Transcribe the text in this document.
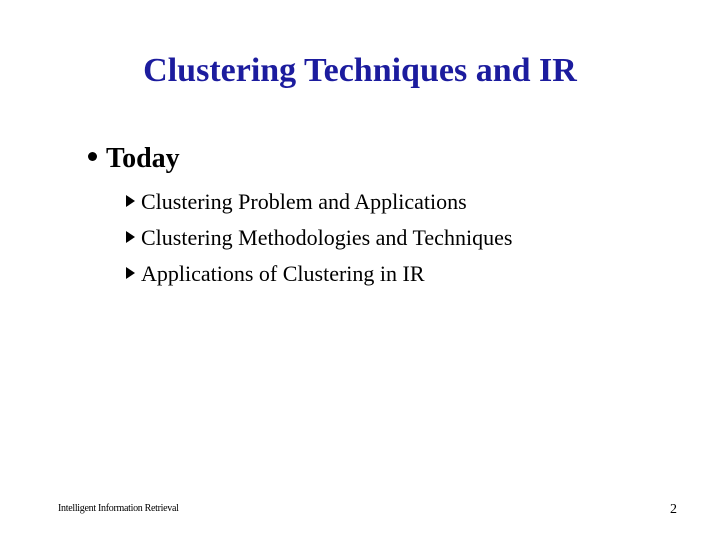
Clustering Techniques and IR
Today
Clustering Problem and Applications
Clustering Methodologies and Techniques
Applications of Clustering in IR
Intelligent Information Retrieval	2
